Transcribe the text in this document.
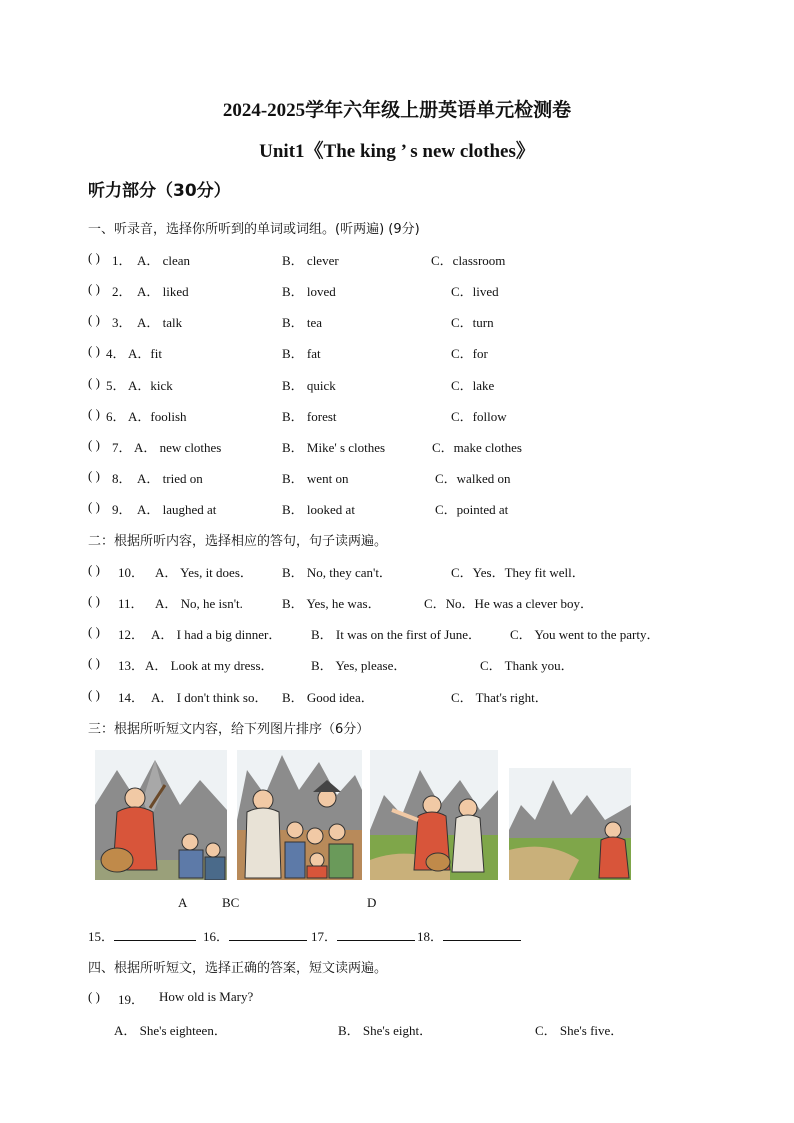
2024-2025学年六年级上册英语单元检测卷
Unit1《The king ’ s new clothes》
听力部分（30分）
一、听录音，选择你所听到的单词或词组。(听两遍) (9分)
( ) 1． A． clean	B． clever	C．classroom
( ) 2． A． liked	B． loved	C．lived
( ) 3． A． talk	B． tea	C．turn
( ) 4． A．fit	B． fat	C．for
( ) 5． A．kick	B． quick	C．lake
( ) 6． A．foolish	B． forest	C．follow
( ) 7． A． new clothes	B． Mike' s clothes	C．make clothes
( ) 8． A． tried on	B． went on	C．walked on
( ) 9． A． laughed at	B． looked at	C．pointed at
二：根据所听内容，选择相应的答句，句子读两遍。
( ) 10． A． Yes, it does． B． No, they can't．	C．Yes．They fit well．
( ) 11． A． No, he isn't.	B． Yes, he was．	C．No．He was a clever boy．
( ) 12． A． I had a big dinner． B． It was on the first of June． C． You went to the party．
( ) 13． A． Look at my dress．	B． Yes, please．	C． Thank you．
( ) 14． A． I don't think so． B． Good idea．	C． That's right．
三：根据所听短文内容，给下列图片排序（6分）
A	BC	D
15．	16．	17．	18．
四、根据所听短文，选择正确的答案，短文读两遍。
( ) 19． How old is Mary?
A． She's eighteen．	B． She's eight．	C． She's five．
